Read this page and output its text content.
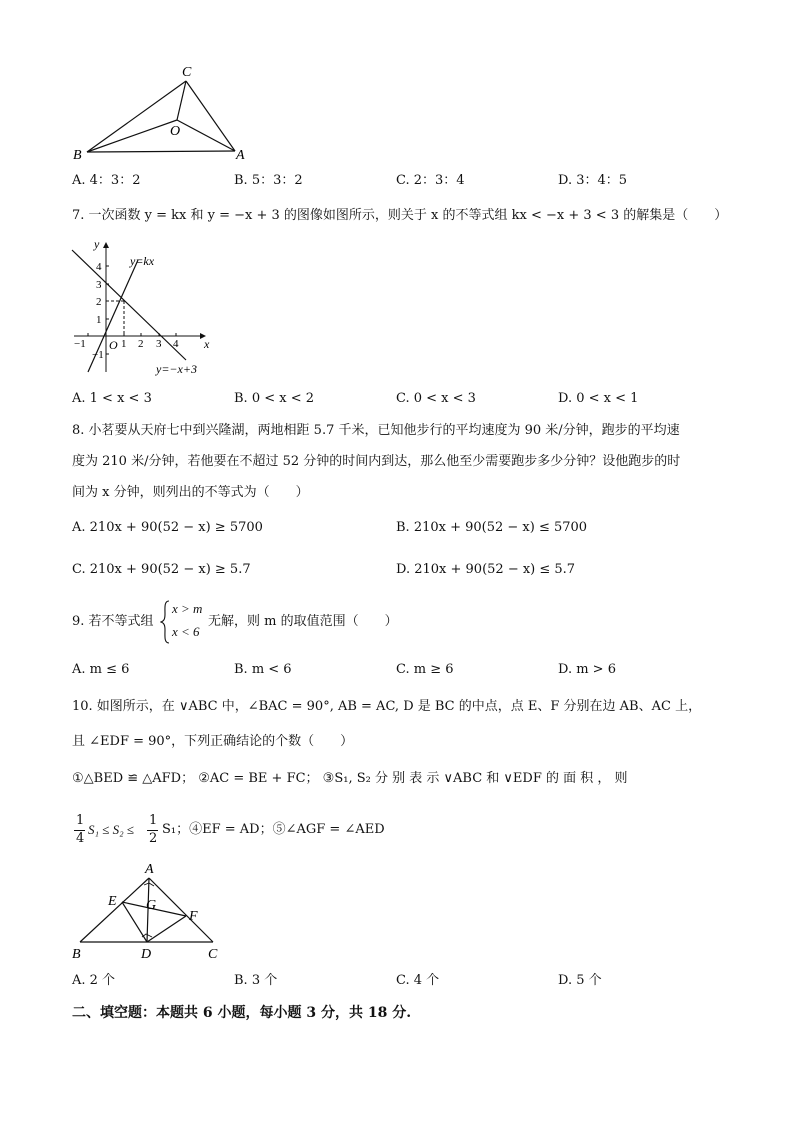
C
O
B	A
A. 4：3：2	B. 5：3：2	C. 2：3：4	D. 3：4：5
7. 一次函数 y = kx 和 y = −x + 3 的图像如图所示，则关于 x 的不等式组 kx < −x + 3 < 3 的解集是（　　）
y
x
O
−1	1 2 3 4
1
2
3
4
−1
y=kx
y=−x+3
A. 1 < x < 3	B. 0 < x < 2	C. 0 < x < 3	D. 0 < x < 1
8. 小茗要从天府七中到兴隆湖，两地相距 5.7 千米，已知他步行的平均速度为 90 米/分钟，跑步的平均速
度为 210 米/分钟，若他要在不超过 52 分钟的时间内到达，那么他至少需要跑步多少分钟？设他跑步的时
间为 x 分钟，则列出的不等式为（　　）
A. 210x + 90(52 − x) ≥ 5700	B. 210x + 90(52 − x) ≤ 5700
C. 210x + 90(52 − x) ≥ 5.7	D. 210x + 90(52 − x) ≤ 5.7
9. 若不等式组
x > m
x < 6
无解，则 m 的取值范围（　　）
A. m ≤ 6	B. m < 6	C. m ≥ 6	D. m > 6
10. 如图所示，在 ∨ABC 中，∠BAC = 90°, AB = AC, D 是 BC 的中点，点 E、F 分别在边 AB、AC 上，
且 ∠EDF = 90°，下列正确结论的个数（　　）
①△BED ≌ △AFD； ②AC = BE + FC； ③S₁, S₂ 分 别 表 示 ∨ABC 和 ∨EDF 的 面 积 ， 则
1
4
S₁ ≤ S₂ ≤
1
2
S₁；④EF = AD；⑤∠AGF = ∠AED
A
E G
F
B	D	C
A. 2 个	B. 3 个	C. 4 个	D. 5 个
二、填空题：本题共 6 小题，每小题 3 分，共 18 分.
